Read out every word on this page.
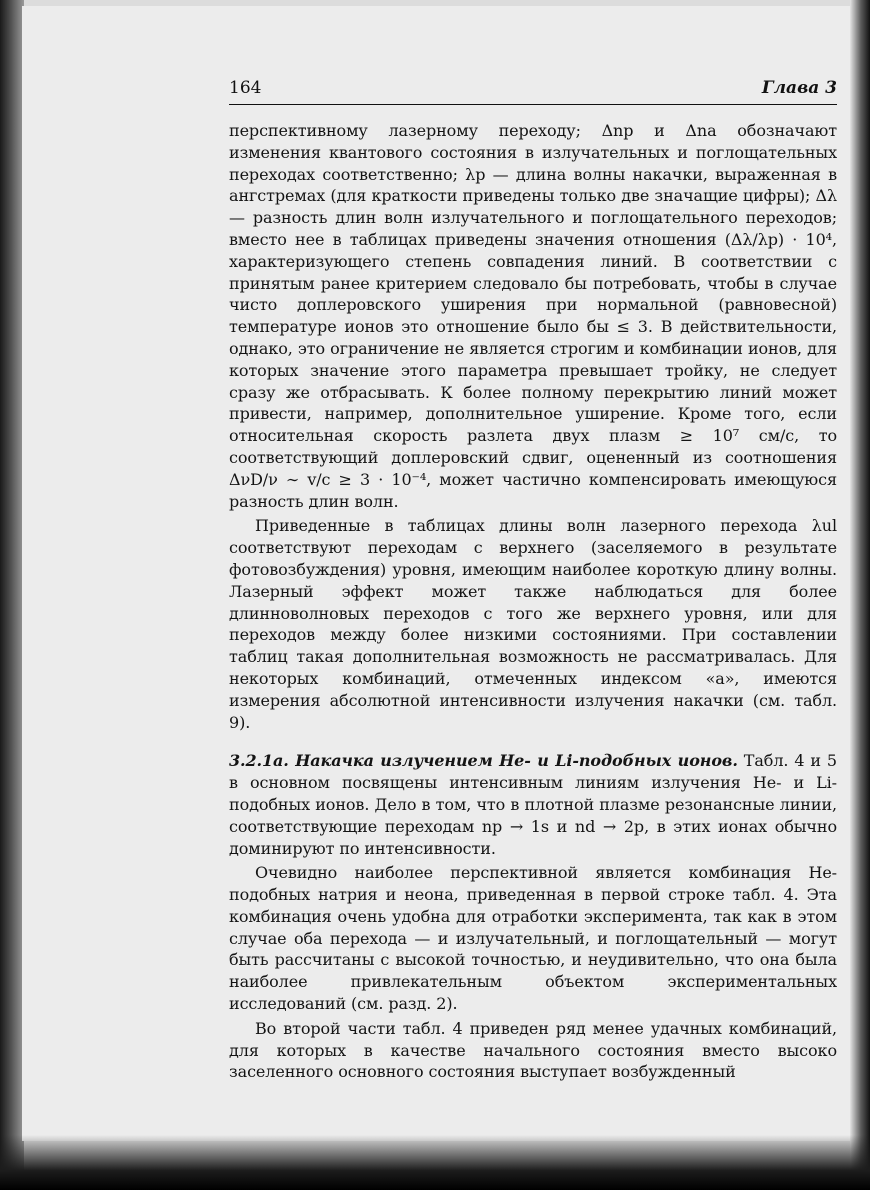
164	Глава 3

перспективному лазерному переходу; Δnp и Δna обозначают изменения квантового состояния в излучательных и поглощательных переходах соответственно; λp — длина волны накачки, выраженная в ангстремах (для краткости приведены только две значащие цифры); Δλ — разность длин волн излучательного и поглощательного переходов; вместо нее в таблицах приведены значения отношения (Δλ/λp) · 10⁴, характеризующего степень совпадения линий. В соответствии с принятым ранее критерием следовало бы потребовать, чтобы в случае чисто доплеровского уширения при нормальной (равновесной) температуре ионов это отношение было бы ≤ 3. В действительности, однако, это ограничение не является строгим и комбинации ионов, для которых значение этого параметра превышает тройку, не следует сразу же отбрасывать. К более полному перекрытию линий может привести, например, дополнительное уширение. Кроме того, если относительная скорость разлета двух плазм ≥ 10⁷ см/с, то соответствующий доплеровский сдвиг, оцененный из соотношения ΔνD/ν ∼ v/c ≥ 3 · 10⁻⁴, может частично компенсировать имеющуюся разность длин волн.

Приведенные в таблицах длины волн лазерного перехода λul соответствуют переходам с верхнего (заселяемого в результате фотовозбуждения) уровня, имеющим наиболее короткую длину волны. Лазерный эффект может также наблюдаться для более длинноволновых переходов с того же верхнего уровня, или для переходов между более низкими состояниями. При составлении таблиц такая дополнительная возможность не рассматривалась. Для некоторых комбинаций, отмеченных индексом «а», имеются измерения абсолютной интенсивности излучения накачки (см. табл. 9).

3.2.1a. Накачка излучением He- и Li-подобных ионов. Табл. 4 и 5 в основном посвящены интенсивным линиям излучения He- и Li-подобных ионов. Дело в том, что в плотной плазме резонансные линии, соответствующие переходам np → 1s и nd → 2p, в этих ионах обычно доминируют по интенсивности.

Очевидно наиболее перспективной является комбинация He-подобных натрия и неона, приведенная в первой строке табл. 4. Эта комбинация очень удобна для отработки эксперимента, так как в этом случае оба перехода — и излучательный, и поглощательный — могут быть рассчитаны с высокой точностью, и неудивительно, что она была наиболее привлекательным объектом экспериментальных исследований (см. разд. 2).

Во второй части табл. 4 приведен ряд менее удачных комбинаций, для которых в качестве начального состояния вместо высоко заселенного основного состояния выступает возбужденный
